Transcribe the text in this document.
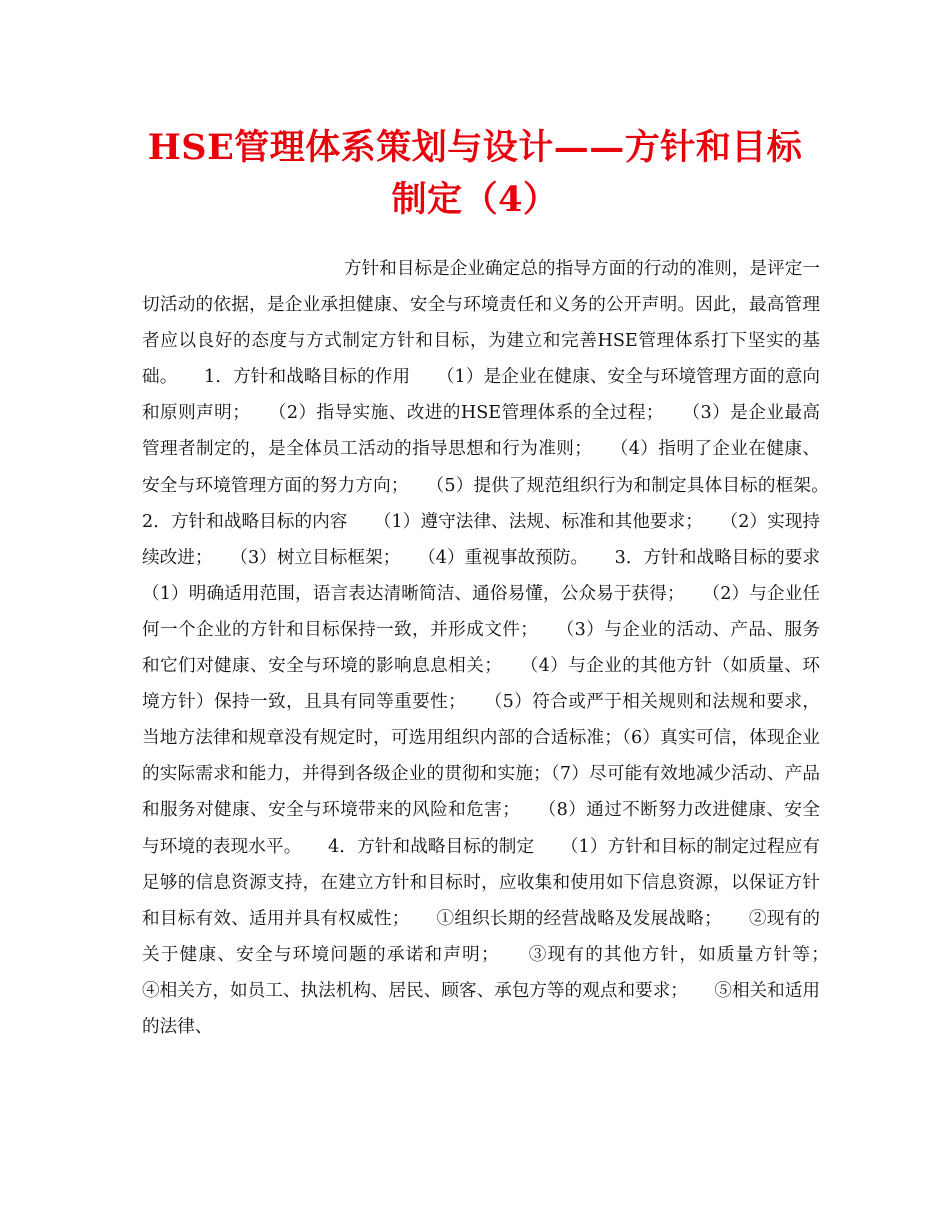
HSE管理体系策划与设计——方针和目标制定（4）

方针和目标是企业确定总的指导方面的行动的准则，是评定一切活动的依据，是企业承担健康、安全与环境责任和义务的公开声明。因此，最高管理者应以良好的态度与方式制定方针和目标，为建立和完善HSE管理体系打下坚实的基础。　　1．方针和战略目标的作用　　（1）是企业在健康、安全与环境管理方面的意向和原则声明；　　（2）指导实施、改进的HSE管理体系的全过程；　　（3）是企业最高管理者制定的，是全体员工活动的指导思想和行为准则；　　（4）指明了企业在健康、安全与环境管理方面的努力方向；　　（5）提供了规范组织行为和制定具体目标的框架。　　2．方针和战略目标的内容　　（1）遵守法律、法规、标准和其他要求；　　（2）实现持续改进；　　（3）树立目标框架；　　（4）重视事故预防。　　3．方针和战略目标的要求　　（1）明确适用范围，语言表达清晰简洁、通俗易懂，公众易于获得；　　（2）与企业任何一个企业的方针和目标保持一致，并形成文件；　　（3）与企业的活动、产品、服务和它们对健康、安全与环境的影响息息相关；　　（4）与企业的其他方针（如质量、环境方针）保持一致，且具有同等重要性；　　（5）符合或严于相关规则和法规和要求，当地方法律和规章没有规定时，可选用组织内部的合适标准；（6）真实可信，体现企业的实际需求和能力，并得到各级企业的贯彻和实施；（7）尽可能有效地减少活动、产品和服务对健康、安全与环境带来的风险和危害；　　（8）通过不断努力改进健康、安全与环境的表现水平。　　4．方针和战略目标的制定　　（1）方针和目标的制定过程应有足够的信息资源支持，在建立方针和目标时，应收集和使用如下信息资源，以保证方针和目标有效、适用并具有权威性；　　①组织长期的经营战略及发展战略；　　②现有的关于健康、安全与环境问题的承诺和声明；　　③现有的其他方针，如质量方针等；　　④相关方，如员工、执法机构、居民、顾客、承包方等的观点和要求；　　⑤相关和适用的法律、
